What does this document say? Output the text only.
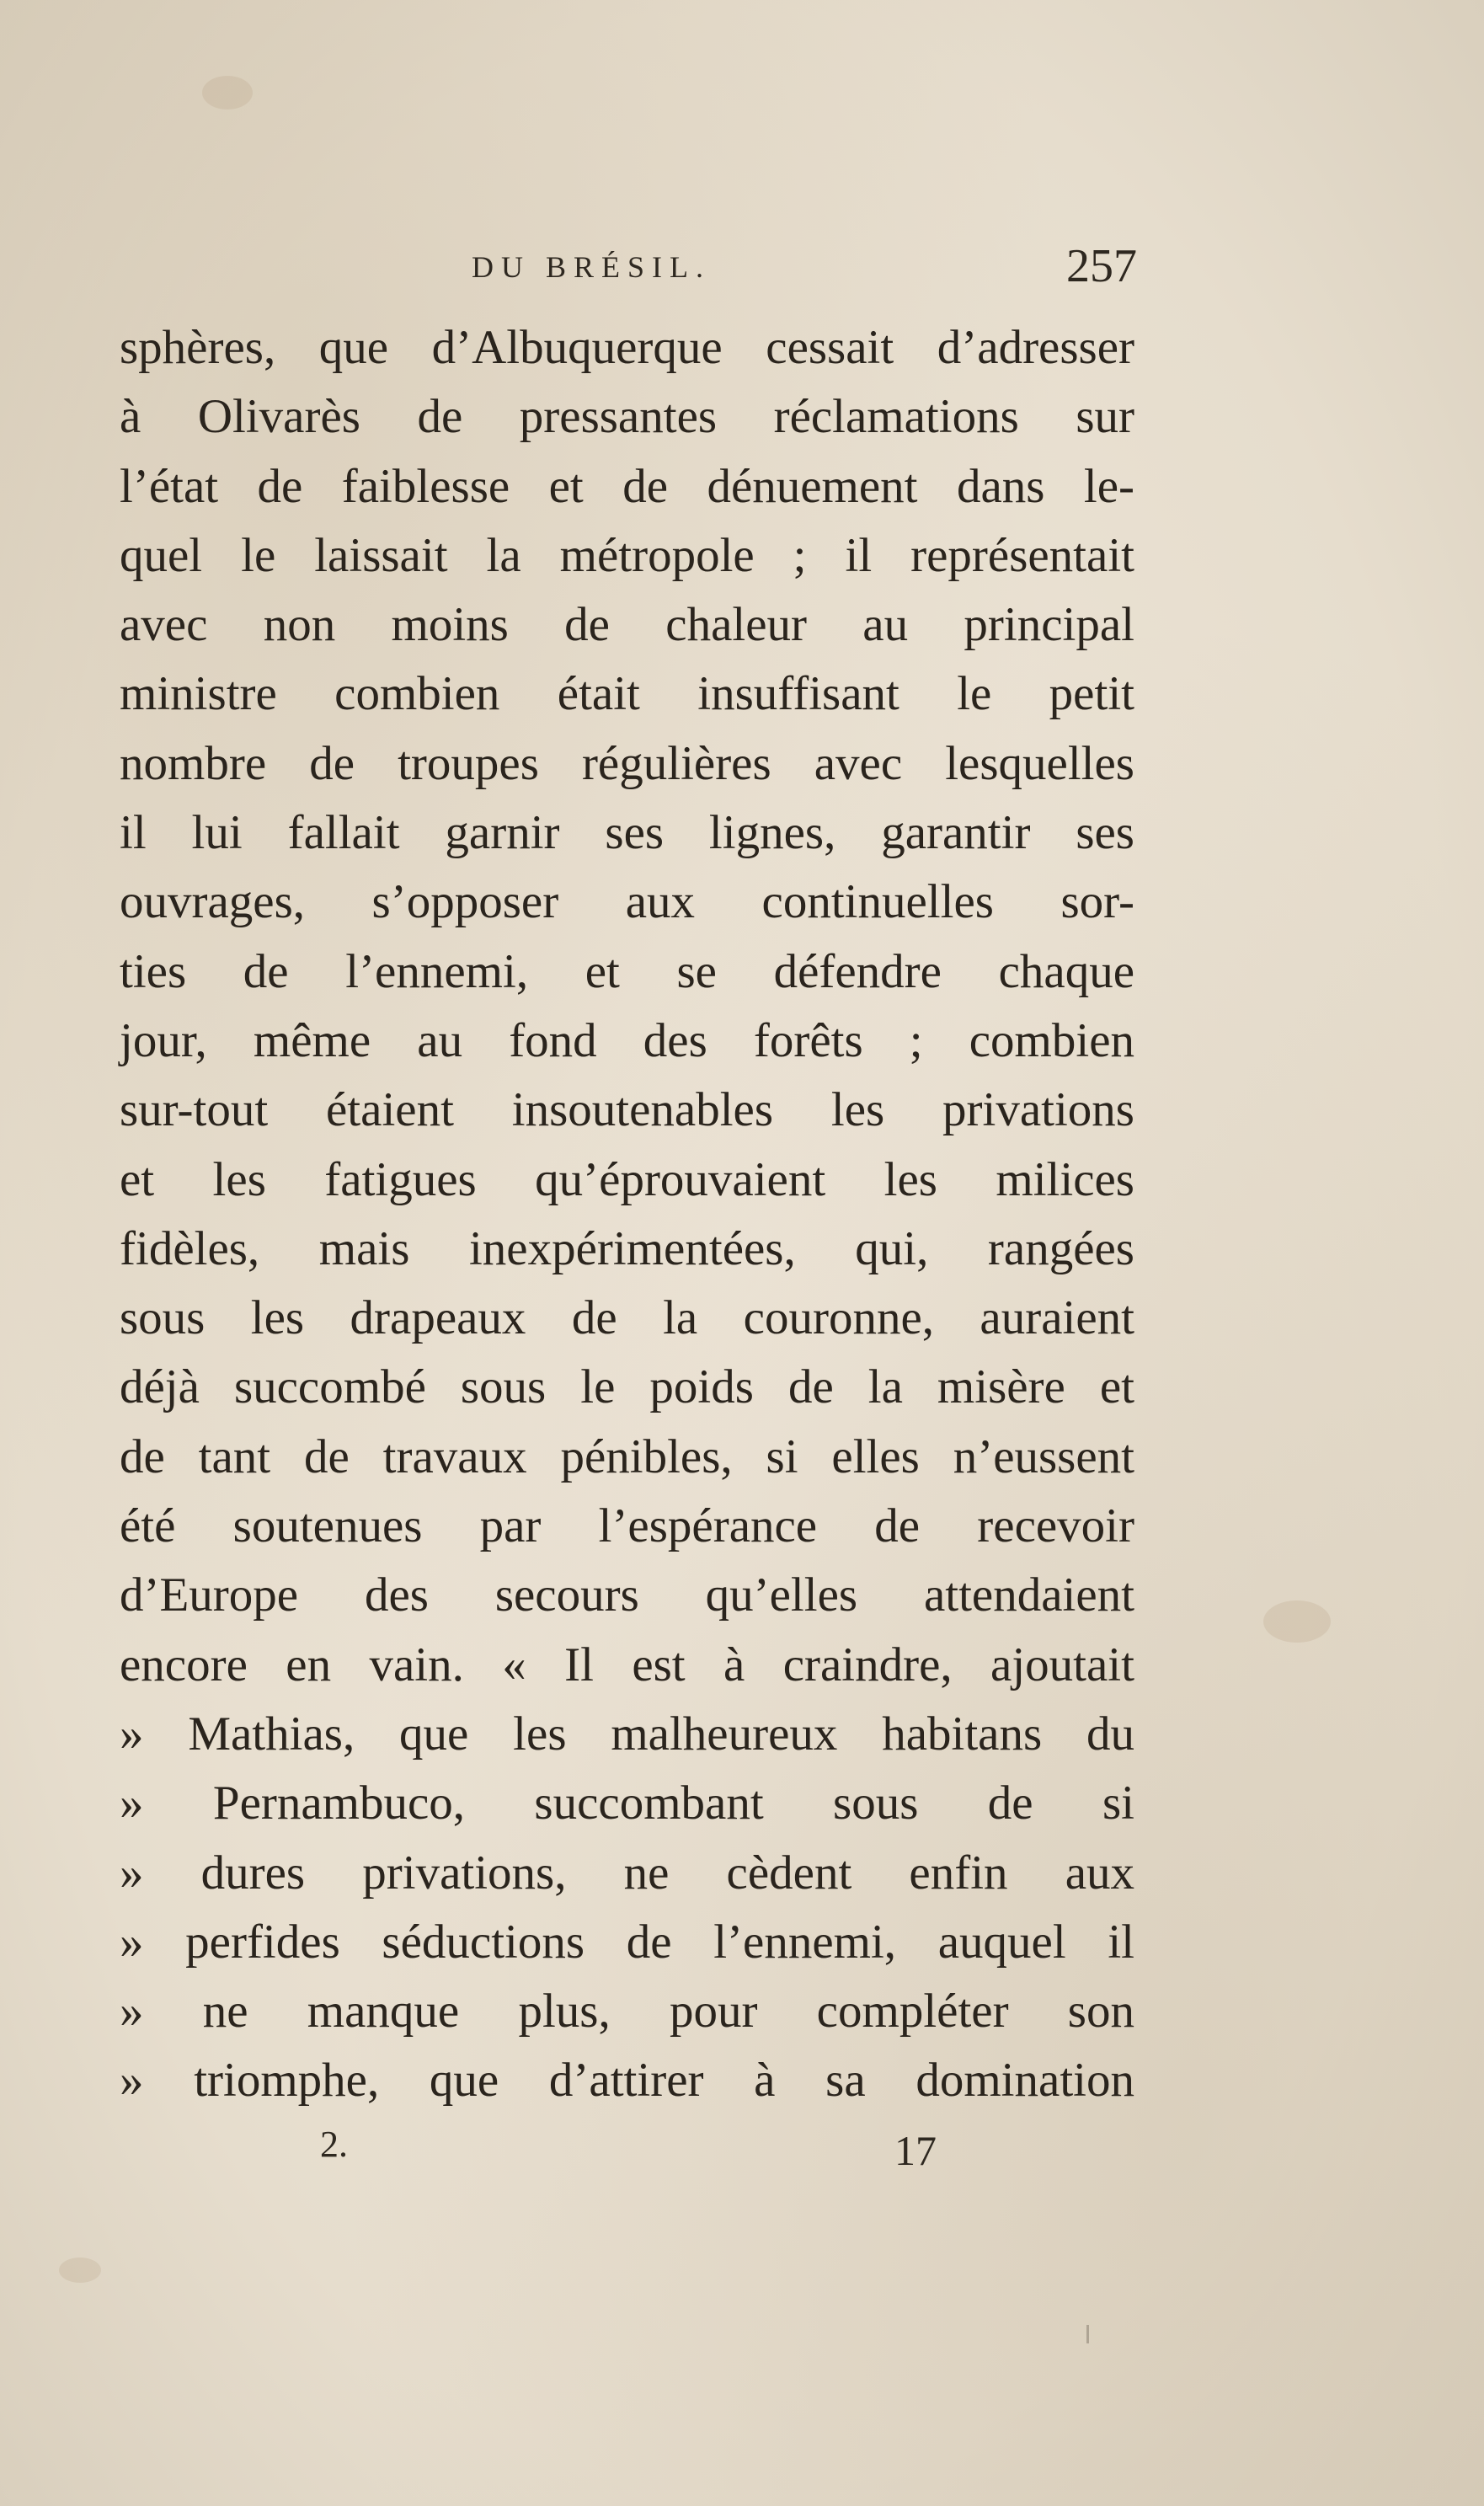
DU BRÉSIL.	257
sphères, que d’Albuquerque cessait d’adresser
à Olivarès de pressantes réclamations sur
l’état de faiblesse et de dénuement dans le-
quel le laissait la métropole ; il représentait
avec non moins de chaleur au principal
ministre combien était insuffisant le petit
nombre de troupes régulières avec lesquelles
il lui fallait garnir ses lignes, garantir ses
ouvrages, s’opposer aux continuelles sor-
ties de l’ennemi, et se défendre chaque
jour, même au fond des forêts ; combien
sur-tout étaient insoutenables les privations
et les fatigues qu’éprouvaient les milices
fidèles, mais inexpérimentées, qui, rangées
sous les drapeaux de la couronne, auraient
déjà succombé sous le poids de la misère et
de tant de travaux pénibles, si elles n’eussent
été soutenues par l’espérance de recevoir
d’Europe des secours qu’elles attendaient
encore en vain. « Il est à craindre, ajoutait
» Mathias, que les malheureux habitans du
» Pernambuco, succombant sous de si
» dures privations, ne cèdent enfin aux
» perfides séductions de l’ennemi, auquel il
» ne manque plus, pour compléter son
» triomphe, que d’attirer à sa domination
2.	17
